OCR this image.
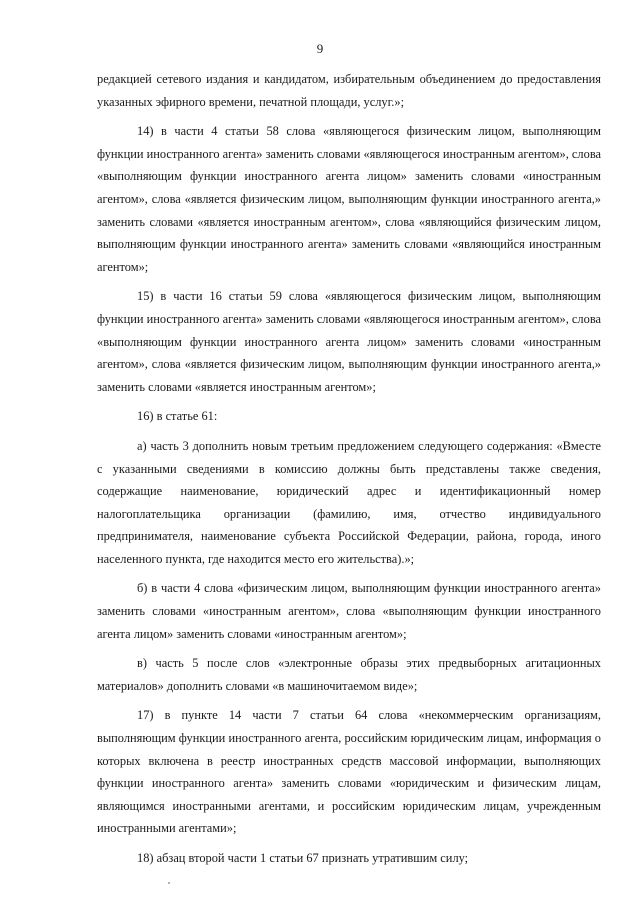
9

редакцией сетевого издания и кандидатом, избирательным объединением до предоставления указанных эфирного времени, печатной площади, услуг.»;

14) в части 4 статьи 58 слова «являющегося физическим лицом, выполняющим функции иностранного агента» заменить словами «являющегося иностранным агентом», слова «выполняющим функции иностранного агента лицом» заменить словами «иностранным агентом», слова «является физическим лицом, выполняющим функции иностранного агента,» заменить словами «является иностранным агентом», слова «являющийся физическим лицом, выполняющим функции иностранного агента» заменить словами «являющийся иностранным агентом»;

15) в части 16 статьи 59 слова «являющегося физическим лицом, выполняющим функции иностранного агента» заменить словами «являющегося иностранным агентом», слова «выполняющим функции иностранного агента лицом» заменить словами «иностранным агентом», слова «является физическим лицом, выполняющим функции иностранного агента,» заменить словами «является иностранным агентом»;

16) в статье 61:

а) часть 3 дополнить новым третьим предложением следующего содержания: «Вместе с указанными сведениями в комиссию должны быть представлены также сведения, содержащие наименование, юридический адрес и идентификационный номер налогоплательщика организации (фамилию, имя, отчество индивидуального предпринимателя, наименование субъекта Российской Федерации, района, города, иного населенного пункта, где находится место его жительства).»;

б) в части 4 слова «физическим лицом, выполняющим функции иностранного агента» заменить словами «иностранным агентом», слова «выполняющим функции иностранного агента лицом» заменить словами «иностранным агентом»;

в) часть 5 после слов «электронные образы этих предвыборных агитационных материалов» дополнить словами «в машиночитаемом виде»;

17) в пункте 14 части 7 статьи 64 слова «некоммерческим организациям, выполняющим функции иностранного агента, российским юридическим лицам, информация о которых включена в реестр иностранных средств массовой информации, выполняющих функции иностранного агента» заменить словами «юридическим и физическим лицам, являющимся иностранными агентами, и российским юридическим лицам, учрежденным иностранными агентами»;

18) абзац второй части 1 статьи 67 признать утратившим силу;
